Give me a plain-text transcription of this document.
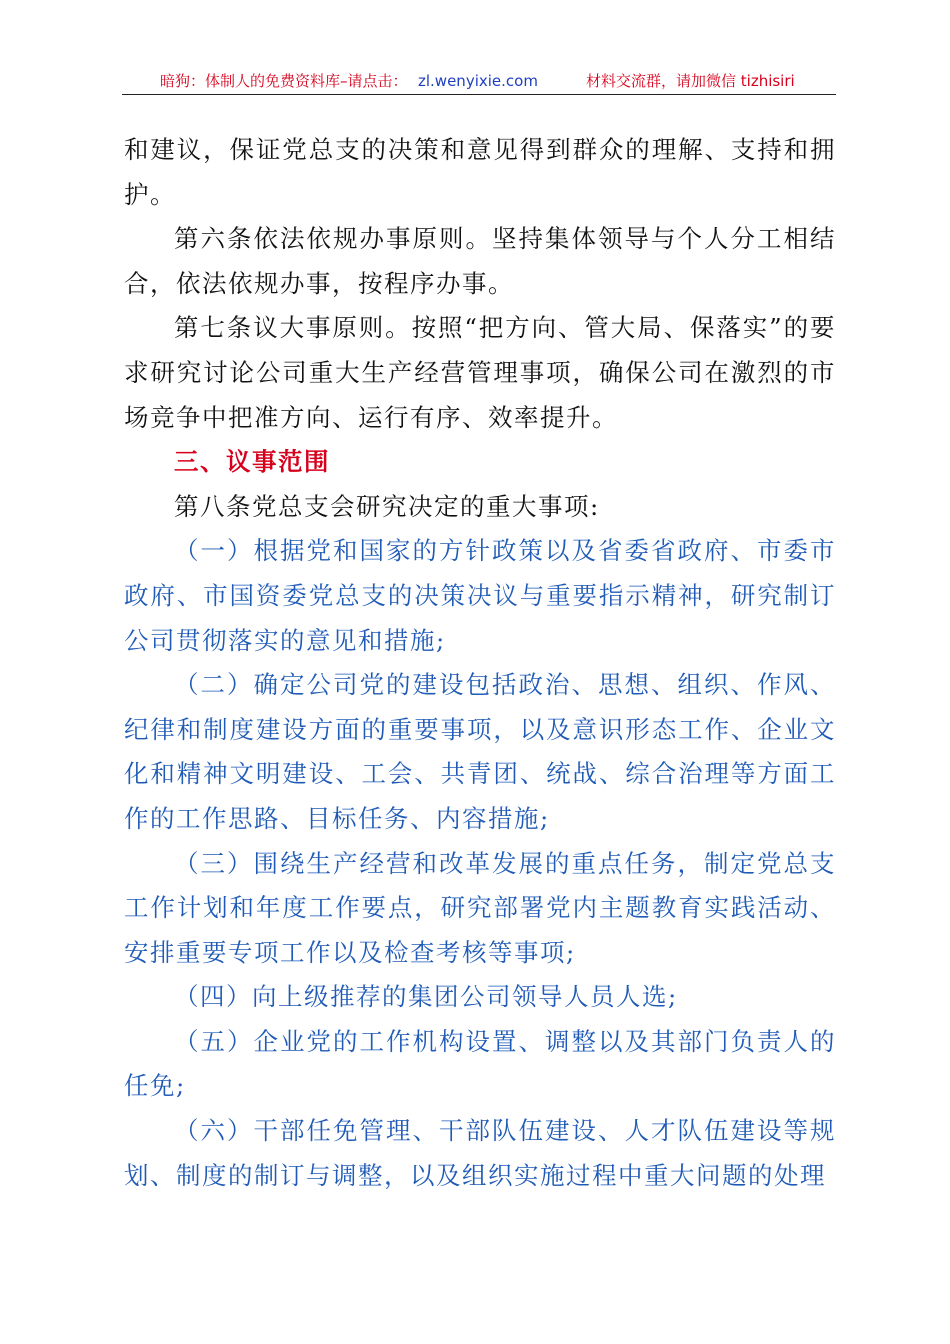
暗狗：体制人的免费资料库–请点击： zl.wenyixie.com	材料交流群，请加微信 tizhisiri

和建议，保证党总支的决策和意见得到群众的理解、支持和拥护。

第六条依法依规办事原则。坚持集体领导与个人分工相结合，依法依规办事，按程序办事。

第七条议大事原则。按照“把方向、管大局、保落实”的要求研究讨论公司重大生产经营管理事项，确保公司在激烈的市场竞争中把准方向、运行有序、效率提升。

三、议事范围

第八条党总支会研究决定的重大事项:

（一）根据党和国家的方针政策以及省委省政府、市委市政府、市国资委党总支的决策决议与重要指示精神，研究制订公司贯彻落实的意见和措施;

（二）确定公司党的建设包括政治、思想、组织、作风、纪律和制度建设方面的重要事项，以及意识形态工作、企业文化和精神文明建设、工会、共青团、统战、综合治理等方面工作的工作思路、目标任务、内容措施;

（三）围绕生产经营和改革发展的重点任务，制定党总支工作计划和年度工作要点，研究部署党内主题教育实践活动、安排重要专项工作以及检查考核等事项;

（四）向上级推荐的集团公司领导人员人选;

（五）企业党的工作机构设置、调整以及其部门负责人的任免;

（六）干部任免管理、干部队伍建设、人才队伍建设等规划、制度的制订与调整，以及组织实施过程中重大问题的处理
